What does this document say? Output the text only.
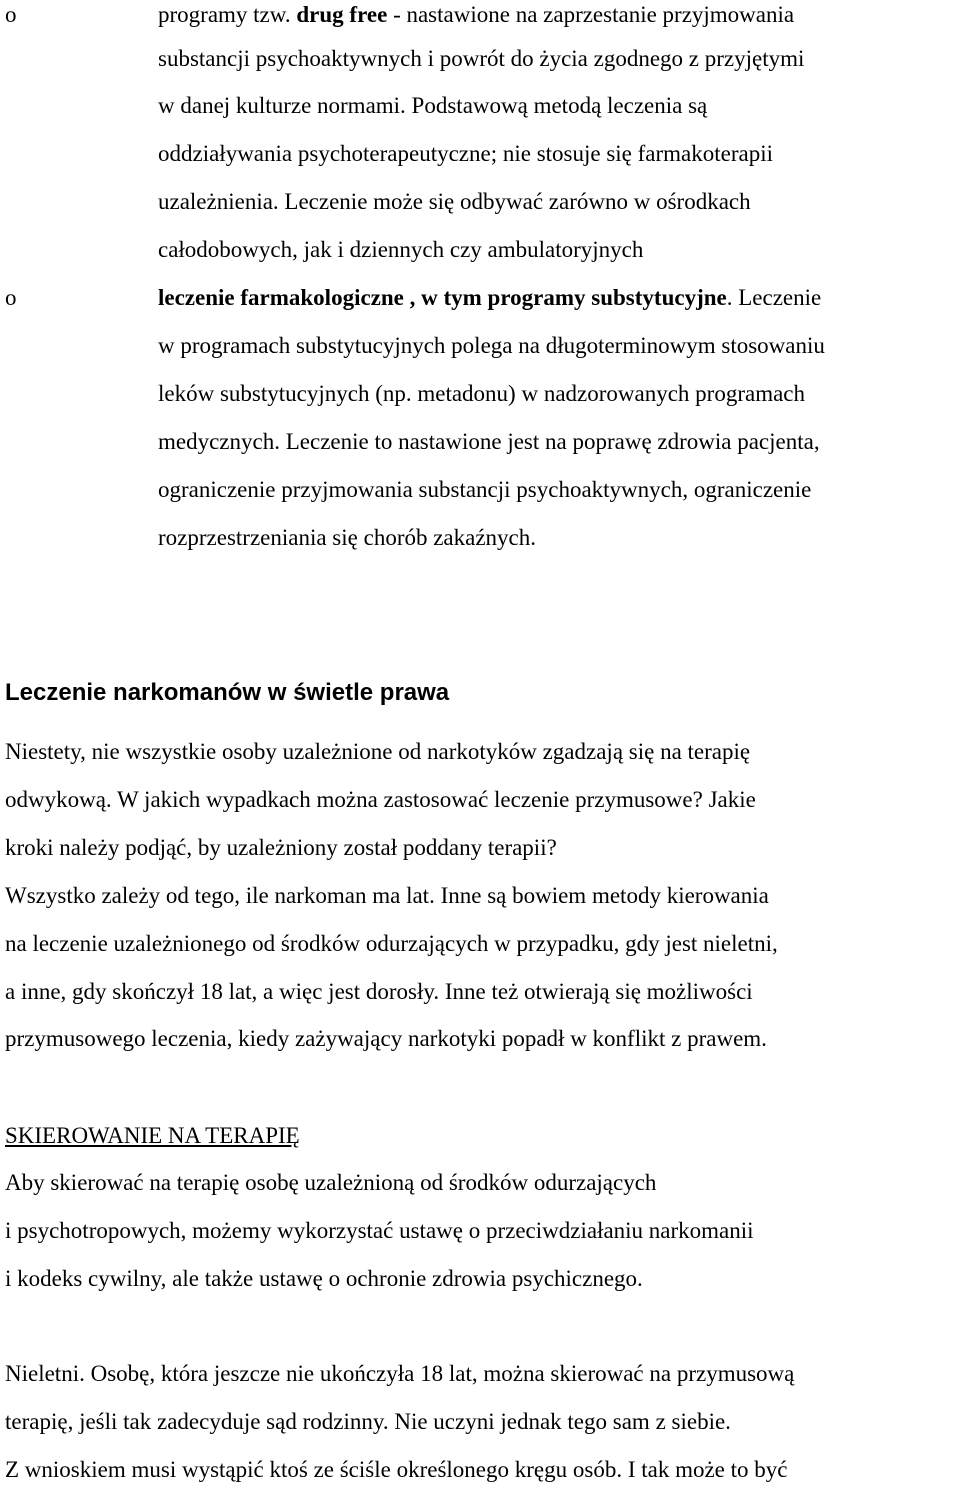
o	programy tzw. drug free - nastawione na zaprzestanie przyjmowania
substancji psychoaktywnych i powrót do życia zgodnego z przyjętymi
w danej kulturze normami. Podstawową metodą leczenia są
oddziaływania psychoterapeutyczne; nie stosuje się farmakoterapii
uzależnienia. Leczenie może się odbywać zarówno w ośrodkach
całodobowych, jak i dziennych czy ambulatoryjnych
o	leczenie farmakologiczne , w tym programy substytucyjne. Leczenie
w programach substytucyjnych polega na długoterminowym stosowaniu
leków substytucyjnych (np. metadonu) w nadzorowanych programach
medycznych. Leczenie to nastawione jest na poprawę zdrowia pacjenta,
ograniczenie przyjmowania substancji psychoaktywnych, ograniczenie
rozprzestrzeniania się chorób zakaźnych.
Leczenie narkomanów w świetle prawa
Niestety, nie wszystkie osoby uzależnione od narkotyków zgadzają się na terapię
odwykową. W jakich wypadkach można zastosować leczenie przymusowe? Jakie
kroki należy podjąć, by uzależniony został poddany terapii?
Wszystko zależy od tego, ile narkoman ma lat. Inne są bowiem metody kierowania
na leczenie uzależnionego od środków odurzających w przypadku, gdy jest nieletni,
a inne, gdy skończył 18 lat, a więc jest dorosły. Inne też otwierają się możliwości
przymusowego leczenia, kiedy zażywający narkotyki popadł w konflikt z prawem.
SKIEROWANIE NA TERAPIĘ
Aby skierować na terapię osobę uzależnioną od środków odurzających
i psychotropowych, możemy wykorzystać ustawę o przeciwdziałaniu narkomanii
i kodeks cywilny, ale także ustawę o ochronie zdrowia psychicznego.
Nieletni. Osobę, która jeszcze nie ukończyła 18 lat, można skierować na przymusową
terapię, jeśli tak zadecyduje sąd rodzinny. Nie uczyni jednak tego sam z siebie.
Z wnioskiem musi wystąpić ktoś ze ściśle określonego kręgu osób. I tak może to być
